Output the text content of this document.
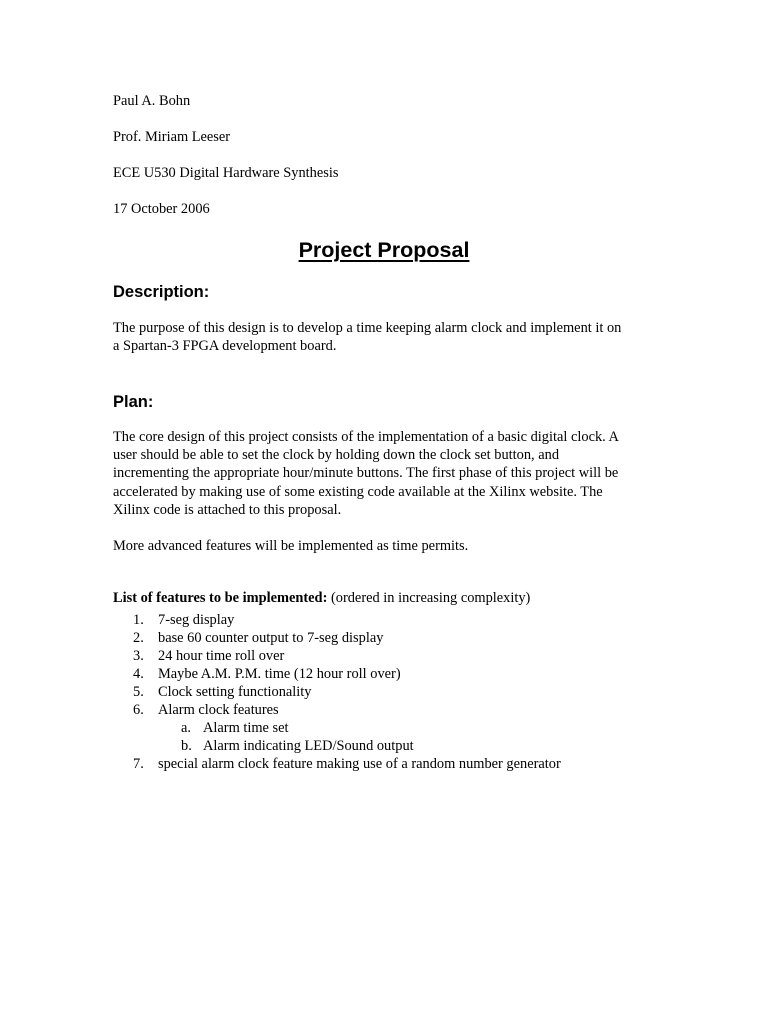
Paul A. Bohn
Prof. Miriam Leeser
ECE U530 Digital Hardware Synthesis
17 October 2006
Project Proposal
Description:
The purpose of this design is to develop a time keeping alarm clock and implement it on
a Spartan-3 FPGA development board.
Plan:
The core design of this project consists of the implementation of a basic digital clock. A
user should be able to set the clock by holding down the clock set button, and
incrementing the appropriate hour/minute buttons. The first phase of this project will be
accelerated by making use of some existing code available at the Xilinx website. The
Xilinx code is attached to this proposal.
More advanced features will be implemented as time permits.
List of features to be implemented: (ordered in increasing complexity)
1. 7-seg display
2. base 60 counter output to 7-seg display
3. 24 hour time roll over
4. Maybe A.M. P.M. time (12 hour roll over)
5. Clock setting functionality
6. Alarm clock features
a. Alarm time set
b. Alarm indicating LED/Sound output
7. special alarm clock feature making use of a random number generator
